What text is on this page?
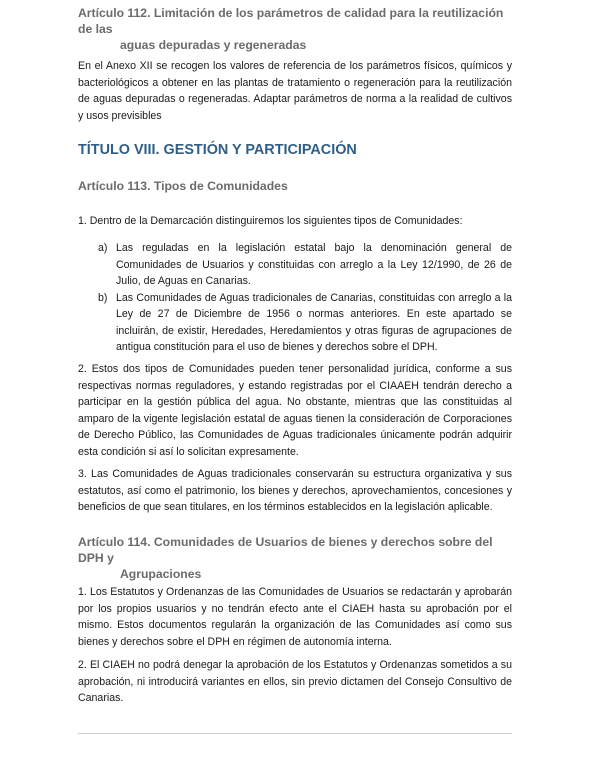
Artículo 112. Limitación de los parámetros de calidad para la reutilización de las
aguas depuradas y regeneradas

En el Anexo XII se recogen los valores de referencia de los parámetros físicos, químicos y bacteriológicos a obtener en las plantas de tratamiento o regeneración para la reutilización de aguas depuradas o regeneradas. Adaptar parámetros de norma a la realidad de cultivos y usos previsibles

TÍTULO VIII. GESTIÓN Y PARTICIPACIÓN
Artículo 113. Tipos de Comunidades

1. Dentro de la Demarcación distinguiremos los siguientes tipos de Comunidades:

a) Las reguladas en la legislación estatal bajo la denominación general de Comunidades de Usuarios y constituidas con arreglo a la Ley 12/1990, de 26 de Julio, de Aguas en Canarias.
b) Las Comunidades de Aguas tradicionales de Canarias, constituidas con arreglo a la Ley de 27 de Diciembre de 1956 o normas anteriores. En este apartado se incluirán, de existir, Heredades, Heredamientos y otras figuras de agrupaciones de antigua constitución para el uso de bienes y derechos sobre el DPH.

2. Estos dos tipos de Comunidades pueden tener personalidad jurídica, conforme a sus respectivas normas reguladores, y estando registradas por el CIAAEH tendrán derecho a participar en la gestión pública del agua. No obstante, mientras que las constituidas al amparo de la vigente legislación estatal de aguas tienen la consideración de Corporaciones de Derecho Público, las Comunidades de Aguas tradicionales únicamente podrán adquirir esta condición si así lo solicitan expresamente.

3. Las Comunidades de Aguas tradicionales conservarán su estructura organizativa y sus estatutos, así como el patrimonio, los bienes y derechos, aprovechamientos, concesiones y beneficios de que sean titulares, en los términos establecidos en la legislación aplicable.

Artículo 114. Comunidades de Usuarios de bienes y derechos sobre del DPH y
Agrupaciones

1. Los Estatutos y Ordenanzas de las Comunidades de Usuarios se redactarán y aprobarán por los propios usuarios y no tendrán efecto ante el CIAEH hasta su aprobación por el mismo. Estos documentos regularán la organización de las Comunidades así como sus bienes y derechos sobre el DPH en régimen de autonomía interna.

2. El CIAEH no podrá denegar la aprobación de los Estatutos y Ordenanzas sometidos a su aprobación, ni introducirá variantes en ellos, sin previo dictamen del Consejo Consultivo de Canarias.
